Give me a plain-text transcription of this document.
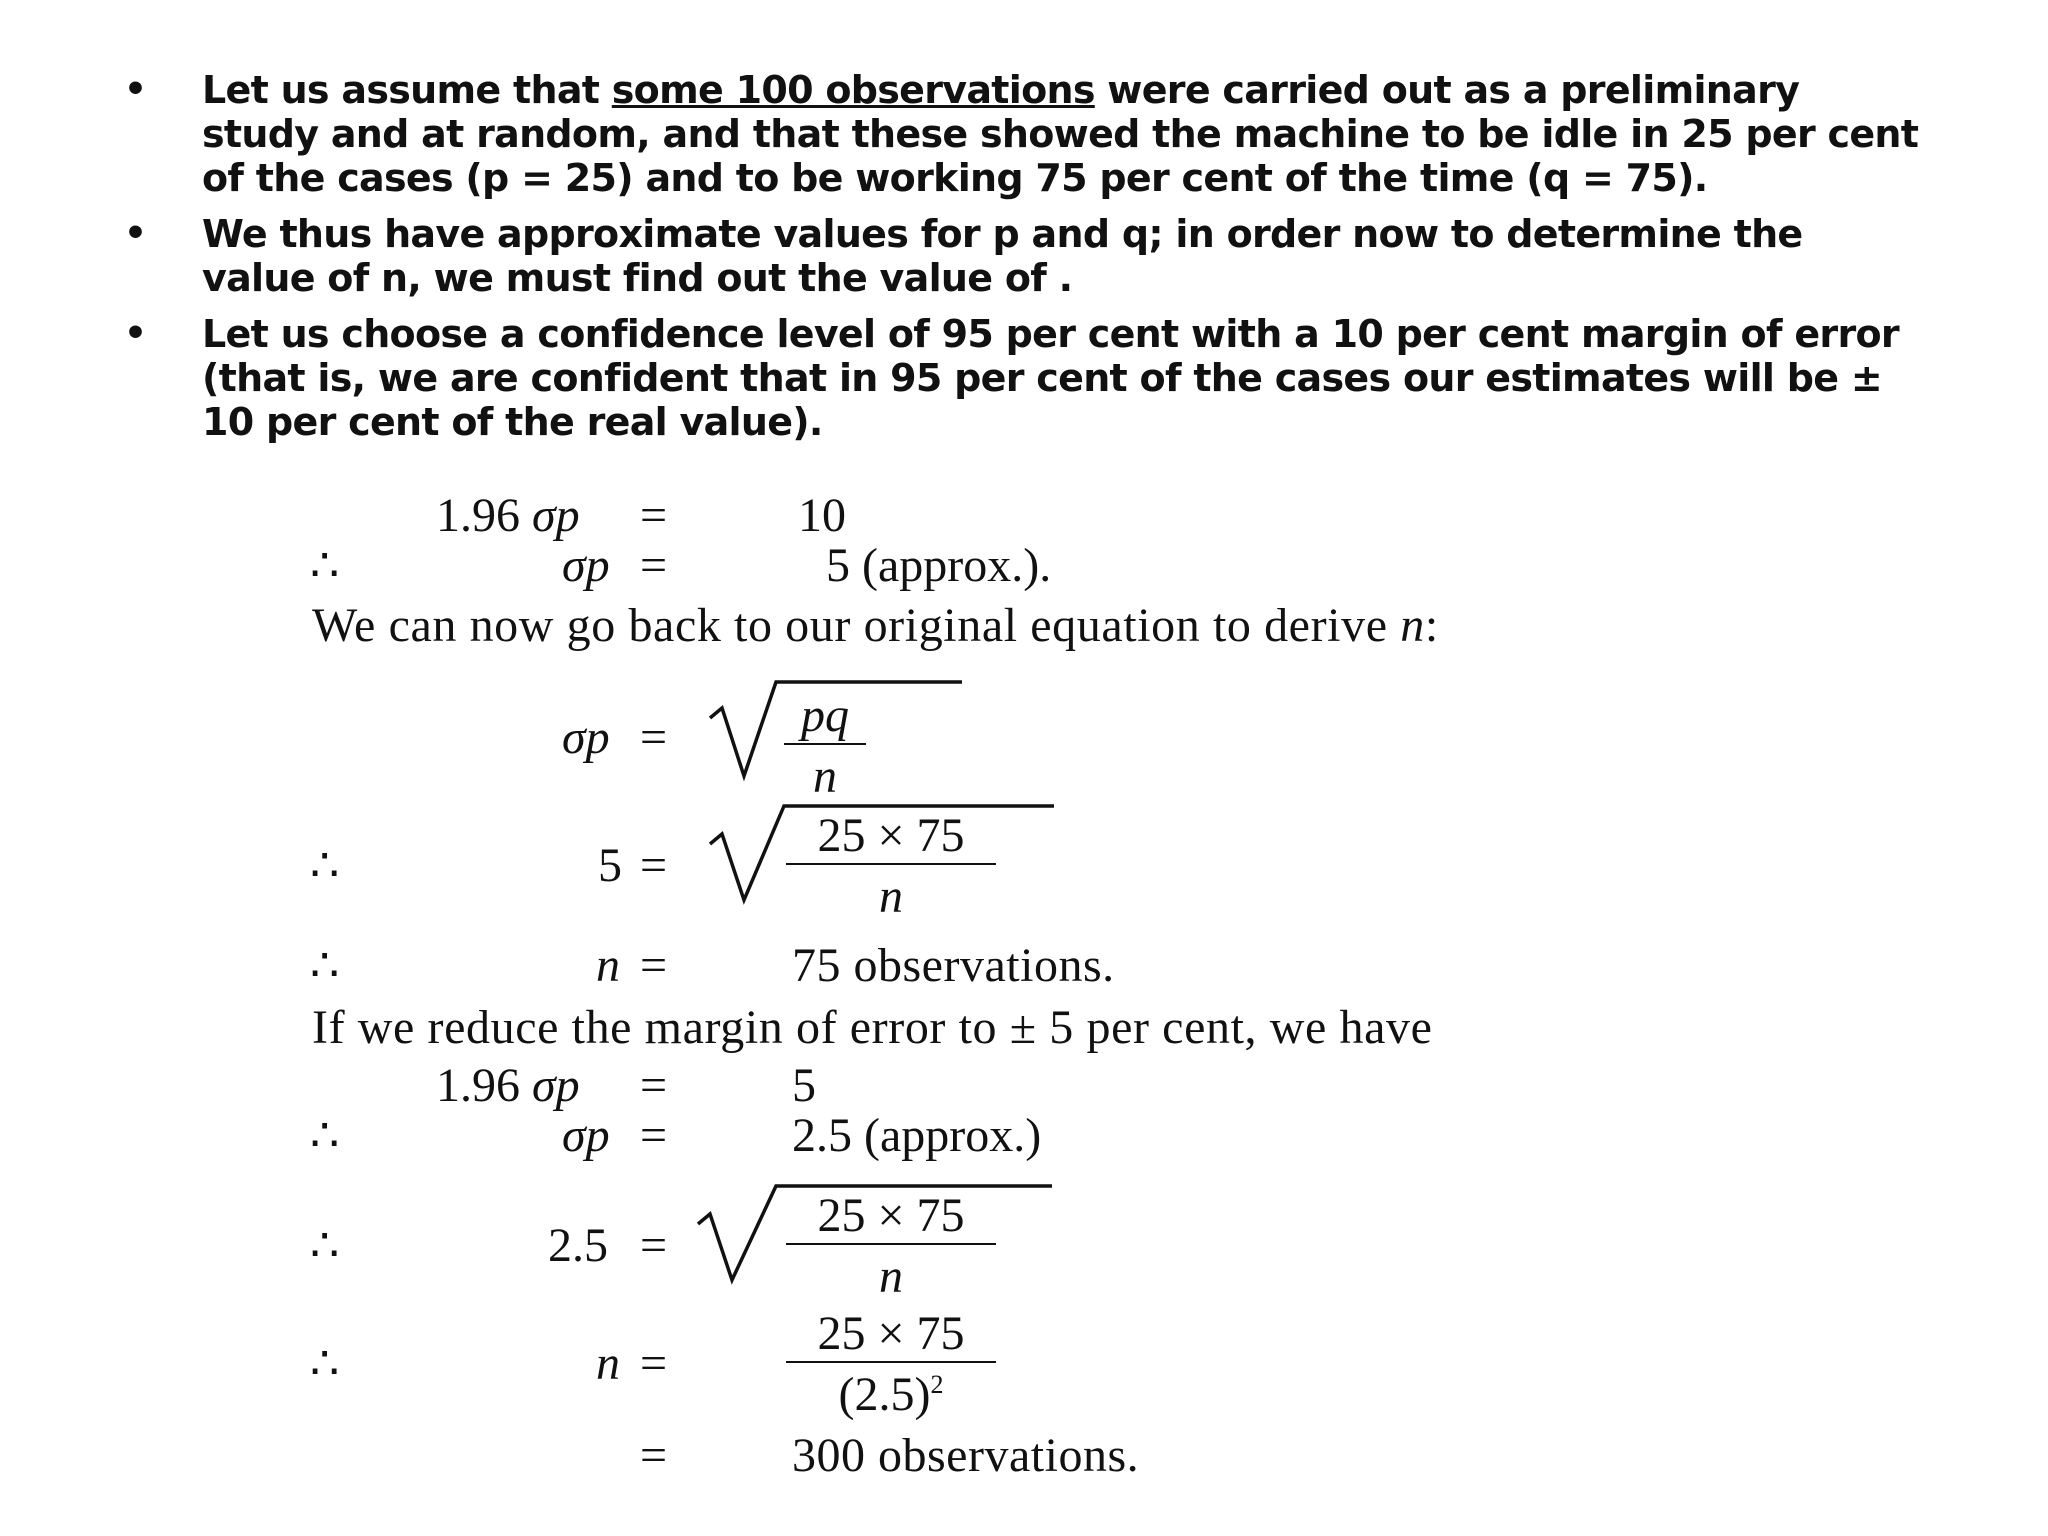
• Let us assume that some 100 observations were carried out as a preliminary study and at random, and that these showed the machine to be idle in 25 per cent of the cases (p = 25) and to be working 75 per cent of the time (q = 75).
• We thus have approximate values for p and q; in order now to determine the value of n, we must find out the value of .
• Let us choose a confidence level of 95 per cent with a 10 per cent margin of error (that is, we are confident that in 95 per cent of the cases our estimates will be ± 10 per cent of the real value).
1.96 σp =	10
∴	σp =	5 (approx.).
We can now go back to our original equation to derive n:
$\sigma p = \frac{pq}{n}$
∴	$5 = \frac{25 \times 75}{n}$
∴	n =	75 observations.
If we reduce the margin of error to ± 5 per cent, we have
1.96 σp =	5
∴	σp =	2.5 (approx.)
∴	$2.5 = \frac{25 \times 75}{n}$
∴	$n = \frac{25 \times 75}{(2.5)^2}$
=	300 observations.
